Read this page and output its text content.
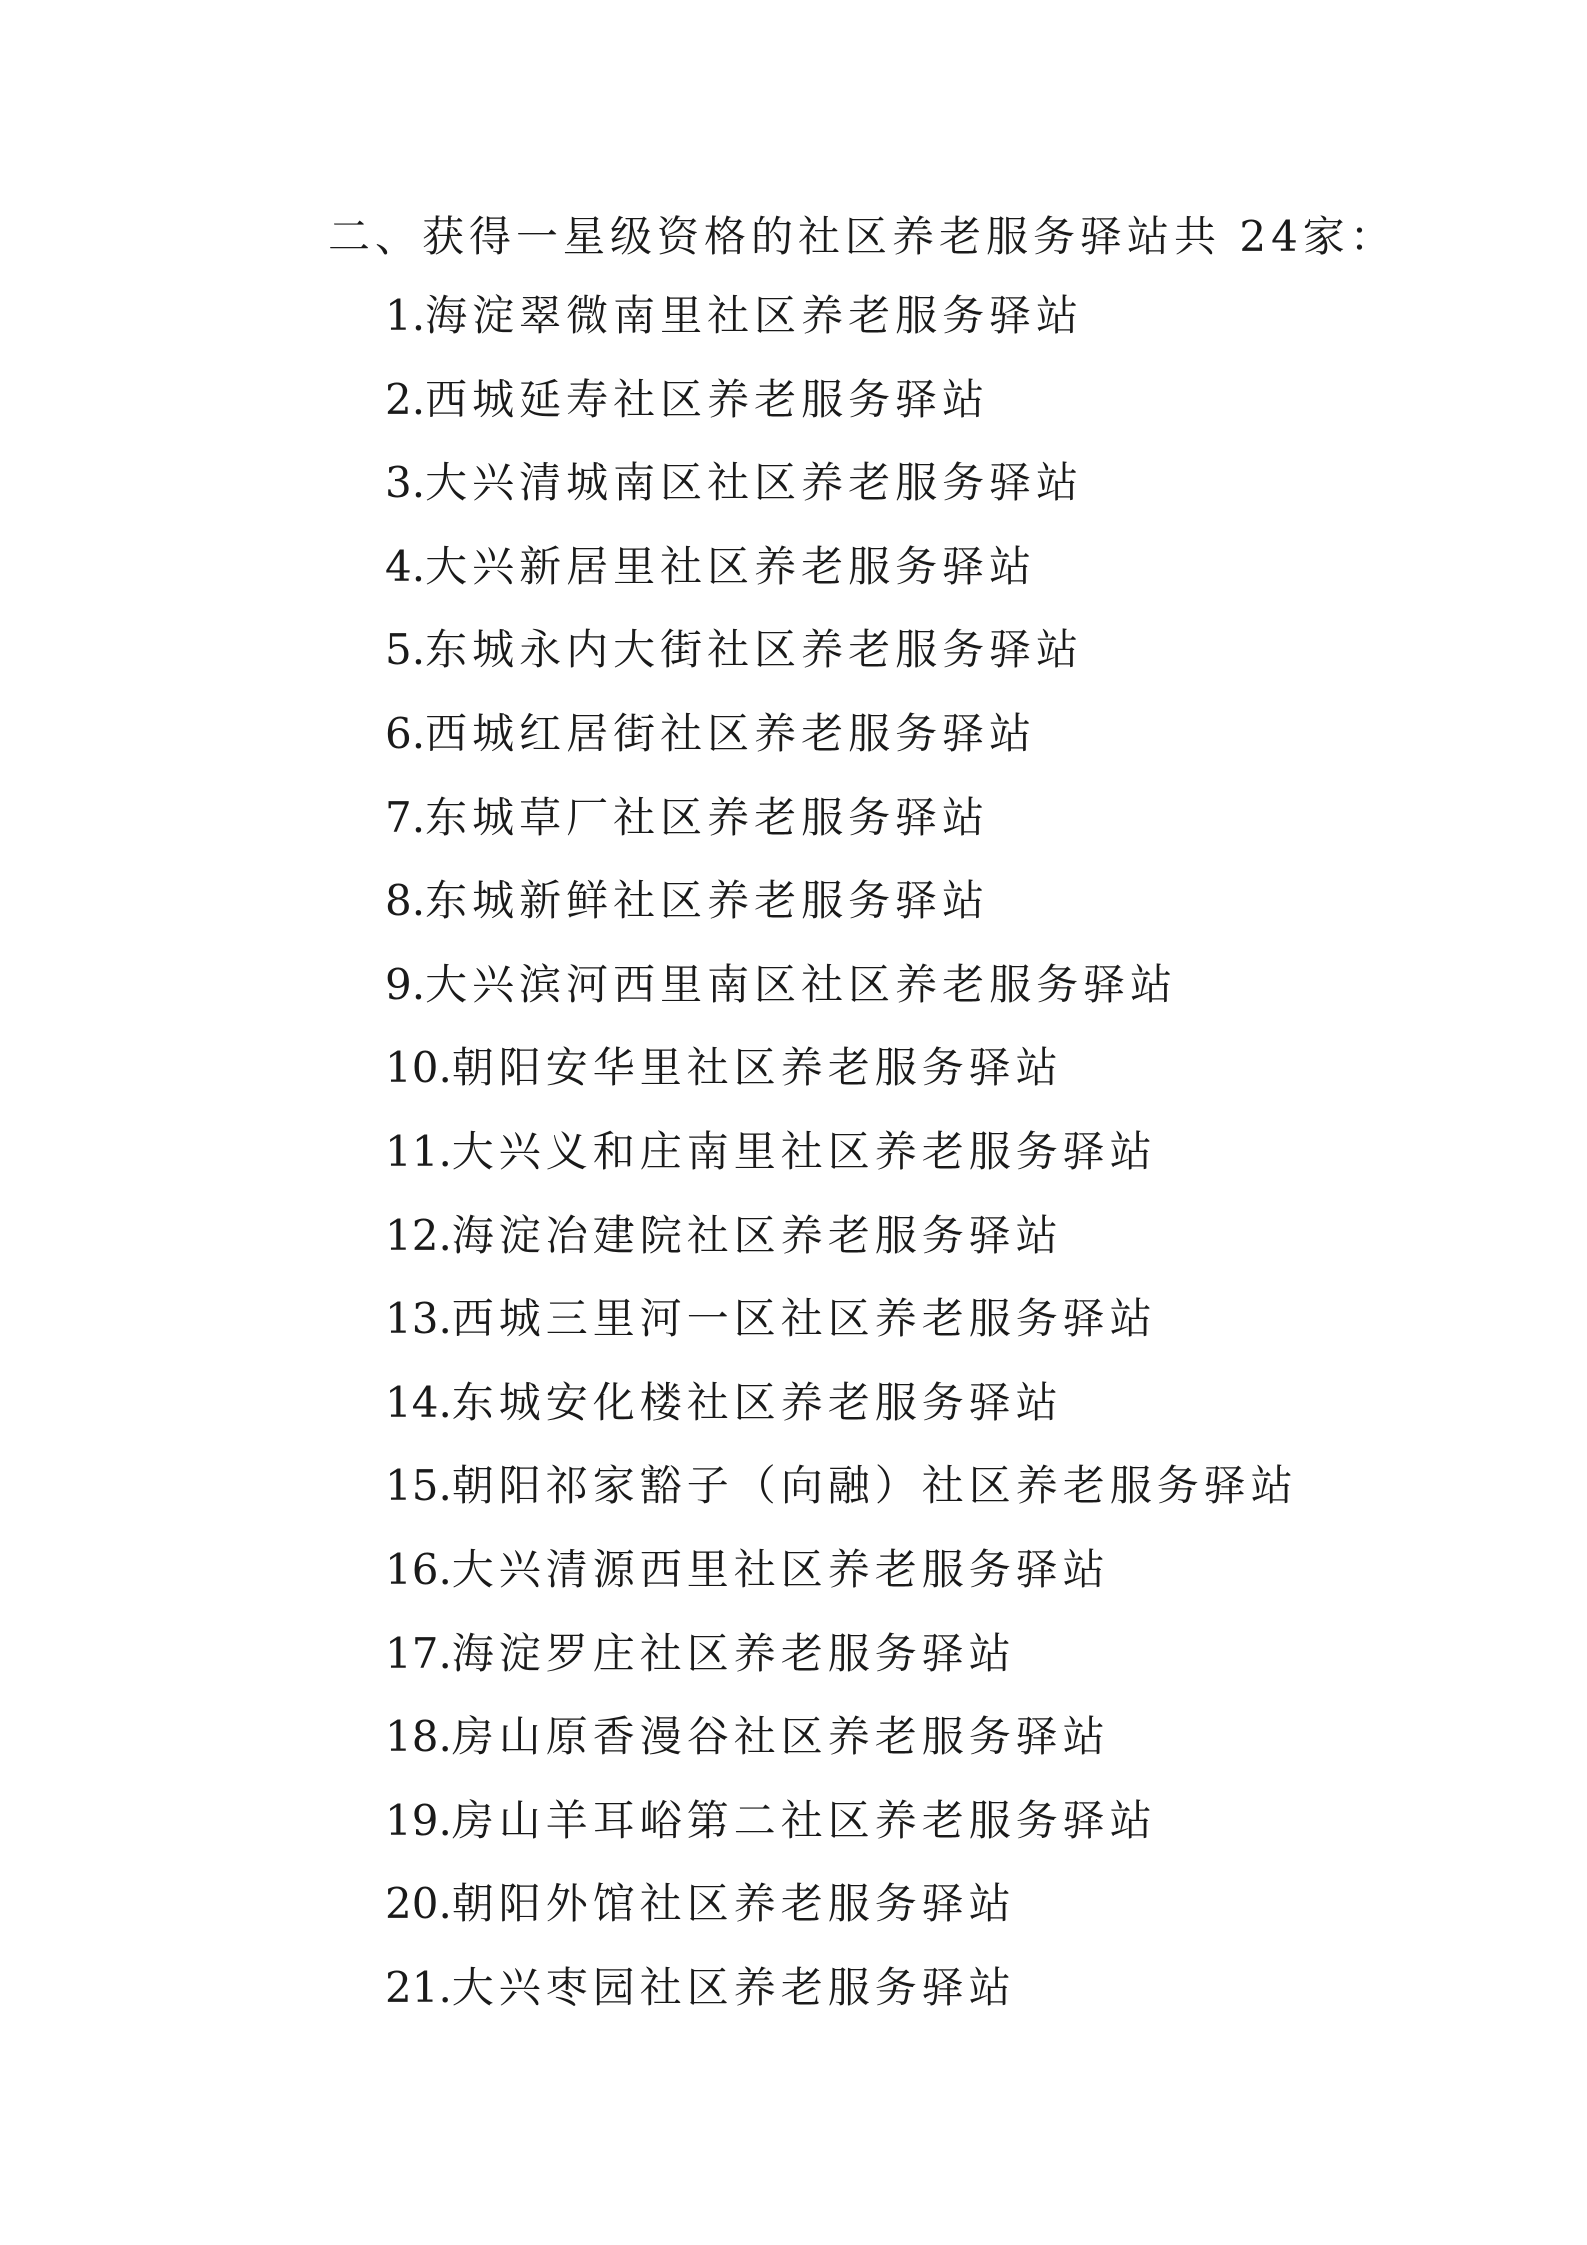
二、获得一星级资格的社区养老服务驿站共 24家：
1.海淀翠微南里社区养老服务驿站
2.西城延寿社区养老服务驿站
3.大兴清城南区社区养老服务驿站
4.大兴新居里社区养老服务驿站
5.东城永内大街社区养老服务驿站
6.西城红居街社区养老服务驿站
7.东城草厂社区养老服务驿站
8.东城新鲜社区养老服务驿站
9.大兴滨河西里南区社区养老服务驿站
10.朝阳安华里社区养老服务驿站
11.大兴义和庄南里社区养老服务驿站
12.海淀冶建院社区养老服务驿站
13.西城三里河一区社区养老服务驿站
14.东城安化楼社区养老服务驿站
15.朝阳祁家豁子（向融）社区养老服务驿站
16.大兴清源西里社区养老服务驿站
17.海淀罗庄社区养老服务驿站
18.房山原香漫谷社区养老服务驿站
19.房山羊耳峪第二社区养老服务驿站
20.朝阳外馆社区养老服务驿站
21.大兴枣园社区养老服务驿站
